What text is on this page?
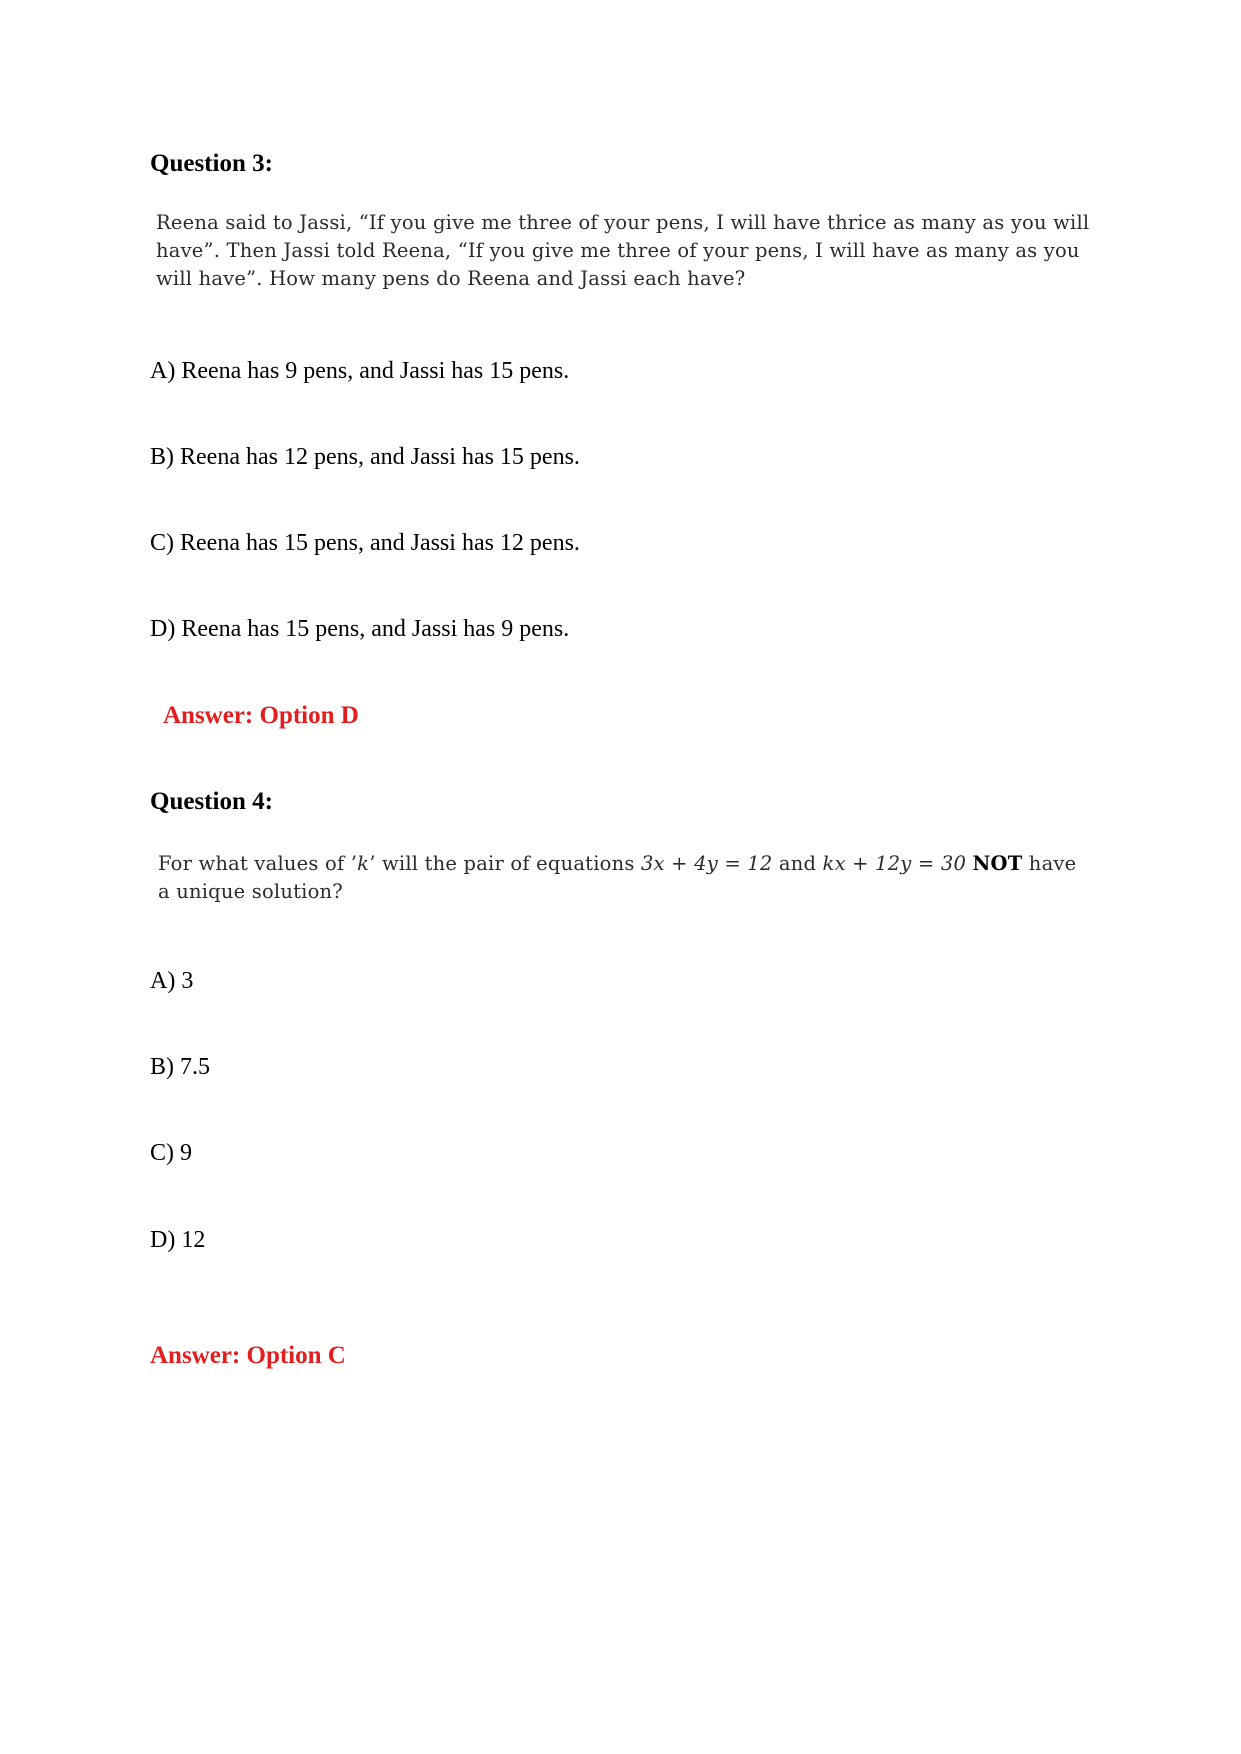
Question 3:
Reena said to Jassi, “If you give me three of your pens, I will have thrice as many as you will
have”. Then Jassi told Reena, “If you give me three of your pens, I will have as many as you
will have”. How many pens do Reena and Jassi each have?
A) Reena has 9 pens, and Jassi has 15 pens.
B) Reena has 12 pens, and Jassi has 15 pens.
C) Reena has 15 pens, and Jassi has 12 pens.
D) Reena has 15 pens, and Jassi has 9 pens.
Answer: Option D
Question 4:
For what values of ’k’ will the pair of equations 3x + 4y = 12 and kx + 12y = 30 NOT have
a unique solution?
A) 3
B) 7.5
C) 9
D) 12
Answer: Option C
